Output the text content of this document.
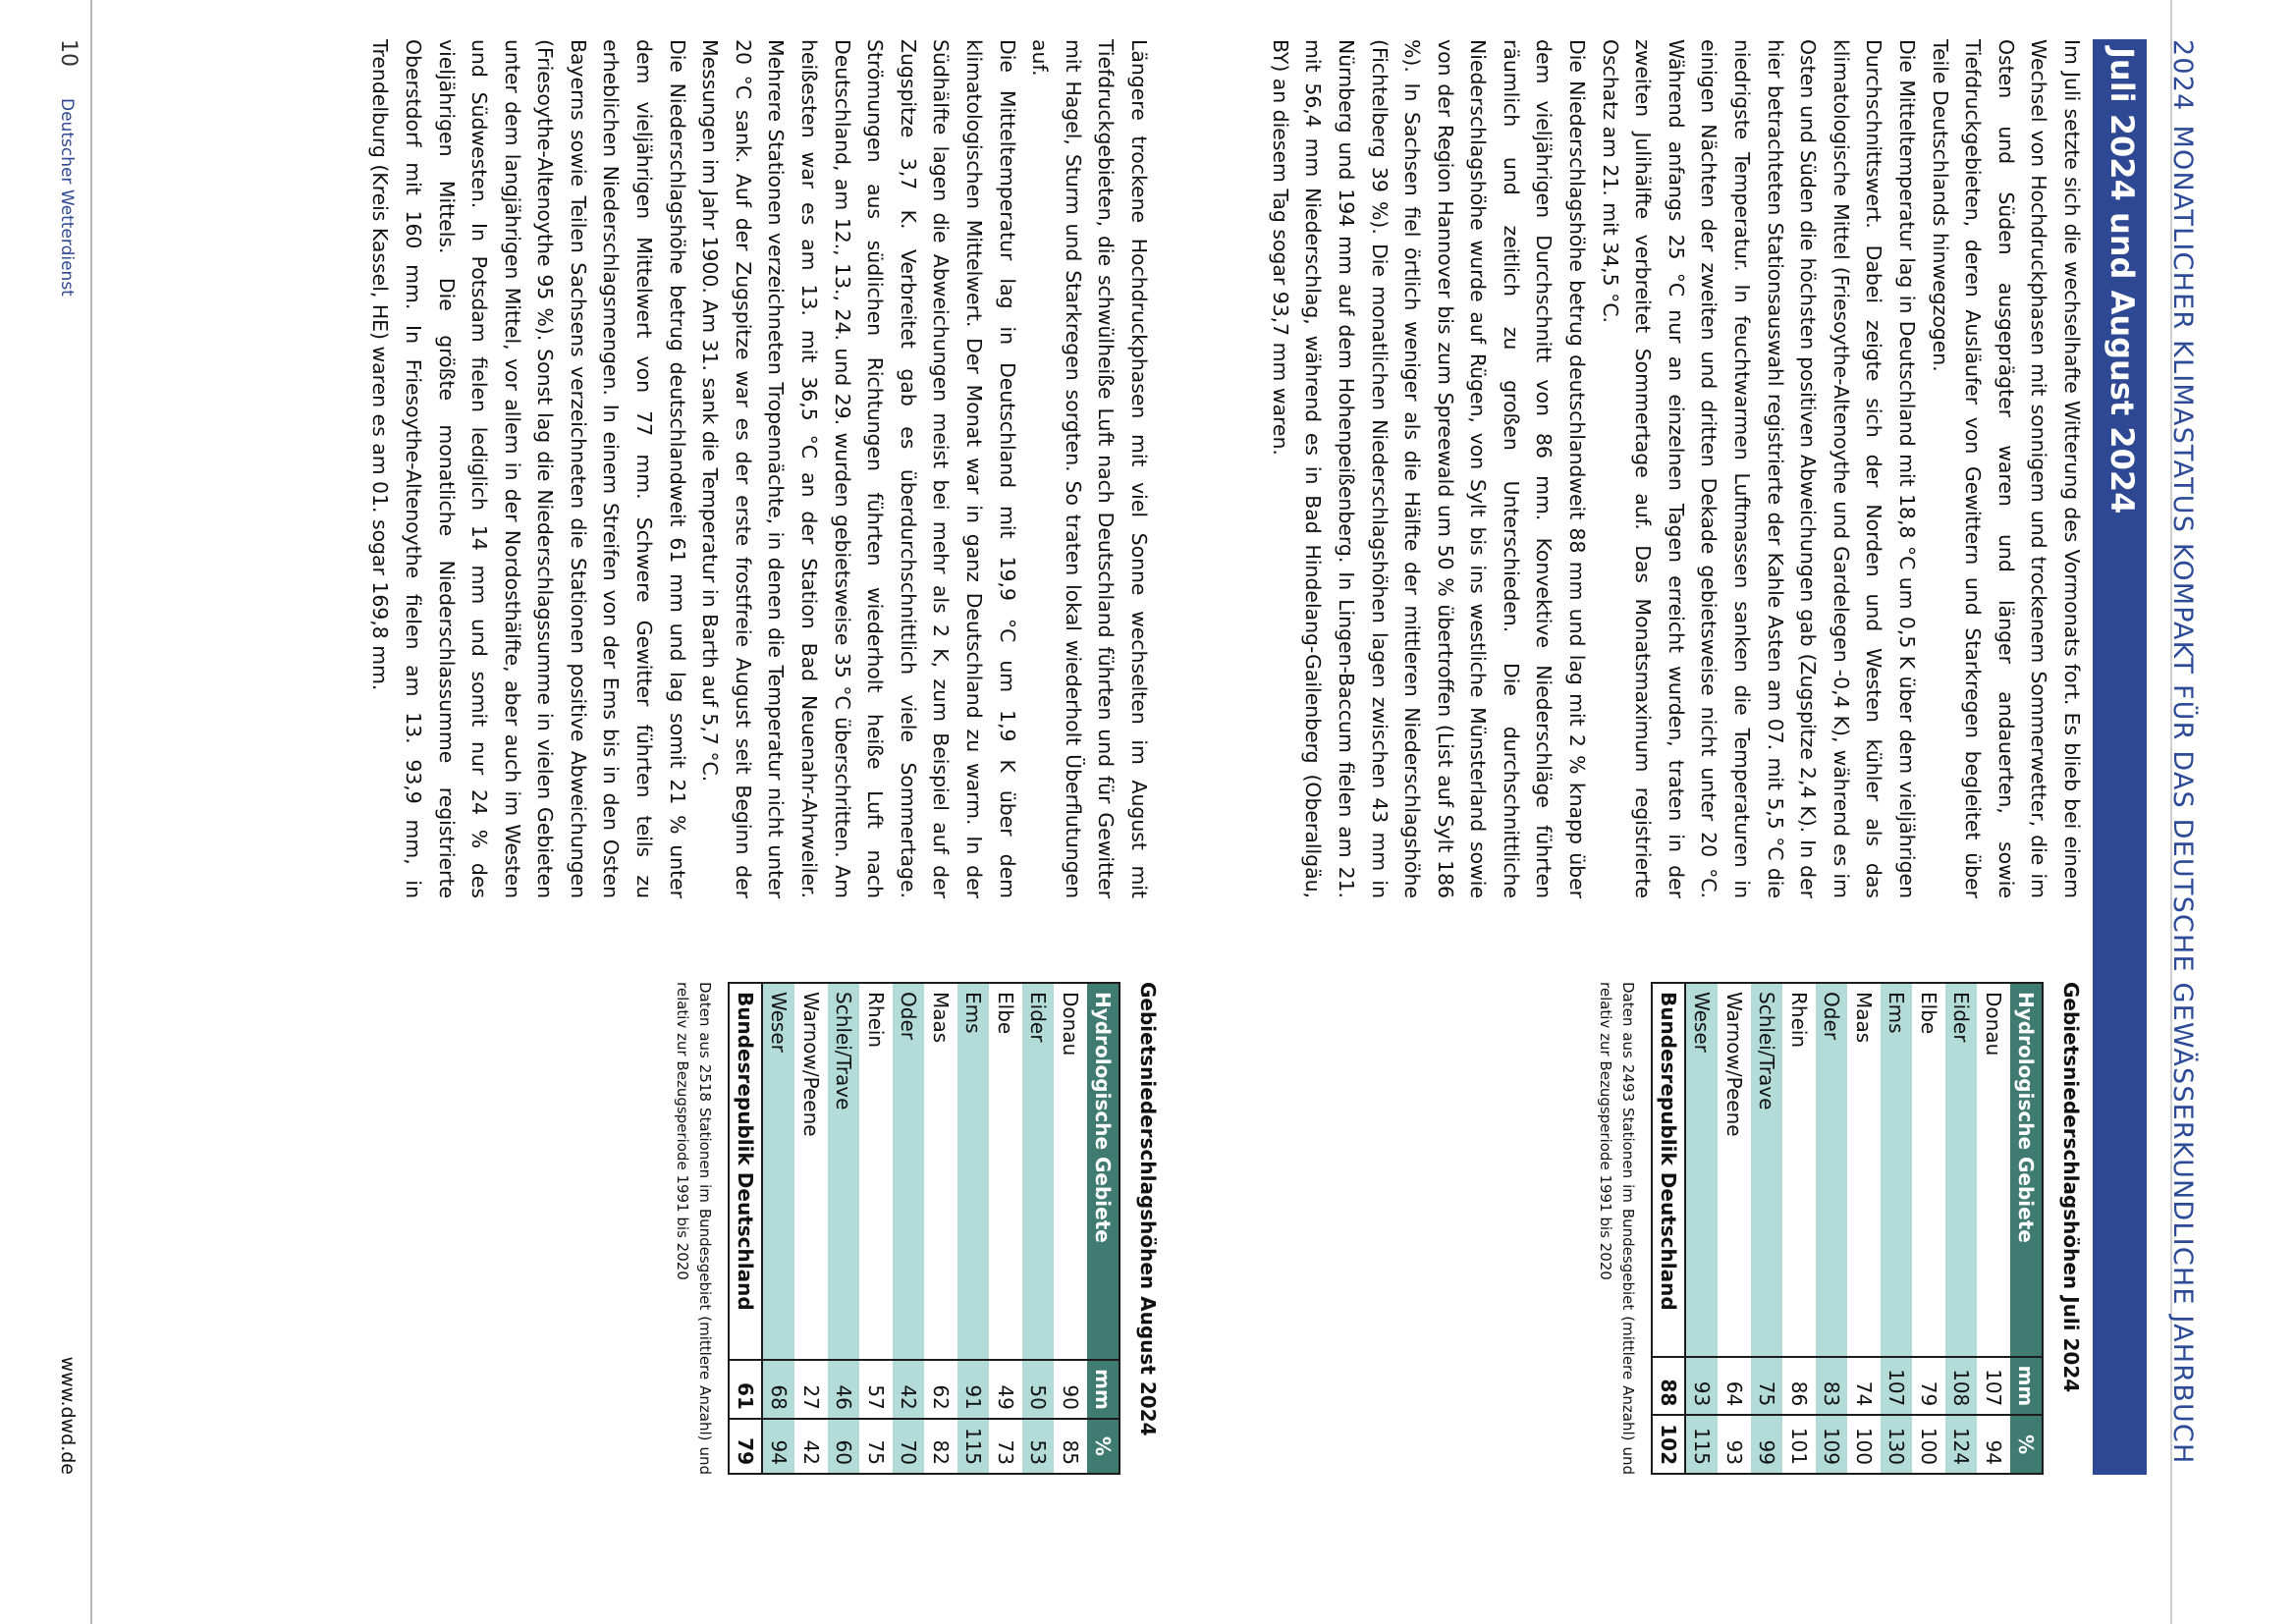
2024MONATLICHER KLIMASTATUS KOMPAKT FÜR DAS DEUTSCHE GEWÄSSERKUNDLICHE JAHRBUCH
Juli 2024 und August 2024

Im Juli setzte sich die wechselhafte Witterung des Vormonats fort. Es blieb bei einem Wechsel von Hochdruckphasen mit sonnigem und trockenem Sommerwetter, die im Osten und Süden ausgeprägter waren und länger andauerten, sowie Tiefdruckgebieten, deren Ausläufer von Gewittern und Starkregen begleitet über Teile Deutschlands hinwegzogen.

Die Mitteltemperatur lag in Deutschland mit 18,8 °C um 0,5 K über dem vieljährigen Durchschnittswert. Dabei zeigte sich der Norden und Westen kühler als das klimatologische Mittel (Friesoythe-Altenoythe und Gardelegen -0,4 K), während es im Osten und Süden die höchsten positiven Abweichungen gab (Zugspitze 2,4 K). In der hier betrachteten Stationsauswahl registrierte der Kahle Asten am 07. mit 5,5 °C die niedrigste Temperatur. In feuchtwarmen Luftmassen sanken die Temperaturen in einigen Nächten der zweiten und dritten Dekade gebietsweise nicht unter 20 °C. Während anfangs 25 °C nur an einzelnen Tagen erreicht wurden, traten in der zweiten Julihälfte verbreitet Sommertage auf. Das Monatsmaximum registrierte Oschatz am 21. mit 34,5 °C.

Die Niederschlagshöhe betrug deutschlandweit 88 mm und lag mit 2 % knapp über dem vieljährigen Durchschnitt von 86 mm. Konvektive Niederschläge führten räumlich und zeitlich zu großen Unterschieden. Die durchschnittliche Niederschlagshöhe wurde auf Rügen, von Sylt bis ins westliche Münsterland sowie von der Region Hannover bis zum Spreewald um 50 % übertroffen (List auf Sylt 186 %). In Sachsen fiel örtlich weniger als die Hälfte der mittleren Niederschlagshöhe (Fichtelberg 39 %). Die monatlichen Niederschlagshöhen lagen zwischen 43 mm in Nürnberg und 194 mm auf dem Hohenpeißenberg. In Lingen-Baccum fielen am 21. mit 56,4 mm Niederschlag, während es in Bad Hindelang-Gailenberg (Oberallgäu, BY) an diesem Tag sogar 93,7 mm waren.

Längere trockene Hochdruckphasen mit viel Sonne wechselten im August mit Tiefdruckgebieten, die schwülheiße Luft nach Deutschland führten und für Gewitter mit Hagel, Sturm und Starkregen sorgten. So traten lokal wiederholt Überflutungen auf.

Die Mitteltemperatur lag in Deutschland mit 19,9 °C um 1,9 K über dem klimatologischen Mittelwert. Der Monat war in ganz Deutschland zu warm. In der Südhälfte lagen die Abweichungen meist bei mehr als 2 K, zum Beispiel auf der Zugspitze 3,7 K. Verbreitet gab es überdurchschnittlich viele Sommertage. Strömungen aus südlichen Richtungen führten wiederholt heiße Luft nach Deutschland, am 12., 13., 24. und 29. wurden gebietsweise 35 °C überschritten. Am heißesten war es am 13. mit 36,5 °C an der Station Bad Neuenahr-Ahrweiler. Mehrere Stationen verzeichneten Tropennächte, in denen die Temperatur nicht unter 20 °C sank. Auf der Zugspitze war es der erste frostfreie August seit Beginn der Messungen im Jahr 1900. Am 31. sank die Temperatur in Barth auf 5,7 °C.

Die Niederschlagshöhe betrug deutschlandweit 61 mm und lag somit 21 % unter dem vieljährigen Mittelwert von 77 mm. Schwere Gewitter führten teils zu erheblichen Niederschlagsmengen. In einem Streifen von der Ems bis in den Osten Bayerns sowie Teilen Sachsens verzeichneten die Stationen positive Abweichungen (Friesoythe-Altenoythe 95 %). Sonst lag die Niederschlagssumme in vielen Gebieten unter dem langjährigen Mittel, vor allem in der Nordosthälfte, aber auch im Westen und Südwesten. In Potsdam fielen lediglich 14 mm und somit nur 24 % des vieljährigen Mittels. Die größte monatliche Niederschlassumme registrierte Oberstdorf mit 160 mm. In Friesoythe-Altenoythe fielen am 13. 93,9 mm, in Trendelburg (Kreis Kassel, HE) waren es am 01. sogar 169,8 mm.

Gebietsniederschlagshöhen Juli 2024
Hydrologische Gebiete	mm	%
Donau	107	94
Eider	108	124
Elbe	79	100
Ems	107	130
Maas	74	100
Oder	83	109
Rhein	86	101
Schlei/Trave	75	99
Warnow/Peene	64	93
Weser	93	115
Bundesrepublik Deutschland	88	102
Daten aus 2493 Stationen im Bundesgebiet (mittlere Anzahl) und relativ zur Bezugsperiode 1991 bis 2020
Gebietsniederschlagshöhen August 2024
Hydrologische Gebiete	mm	%
Donau	90	85
Eider	50	53
Elbe	49	73
Ems	91	115
Maas	62	82
Oder	42	70
Rhein	57	75
Schlei/Trave	46	60
Warnow/Peene	27	42
Weser	68	94
Bundesrepublik Deutschland	61	79
Daten aus 2518 Stationen im Bundesgebiet (mittlere Anzahl) und relativ zur Bezugsperiode 1991 bis 2020
10
Deutscher Wetterdienst
www.dwd.de
